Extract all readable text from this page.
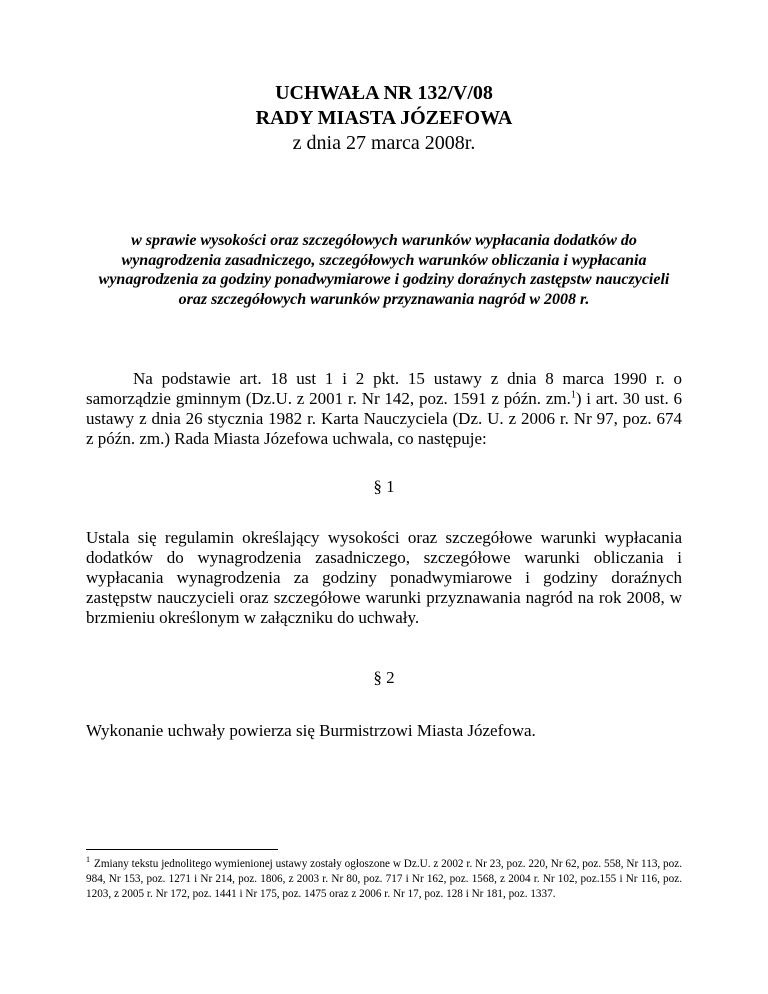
UCHWAŁA NR 132/V/08
RADY MIASTA JÓZEFOWA
z dnia 27 marca 2008r.
w sprawie wysokości oraz szczegółowych warunków wypłacania dodatków do wynagrodzenia zasadniczego, szczegółowych warunków obliczania i wypłacania wynagrodzenia za godziny ponadwymiarowe i godziny doraźnych zastępstw nauczycieli oraz szczegółowych warunków przyznawania nagród w 2008 r.
Na podstawie art. 18 ust 1 i 2 pkt. 15 ustawy z dnia 8 marca 1990 r. o samorządzie gminnym (Dz.U. z 2001 r. Nr 142, poz. 1591 z późn. zm.$^1$) i art. 30 ust. 6 ustawy z dnia 26 stycznia 1982 r. Karta Nauczyciela (Dz. U. z 2006 r. Nr 97, poz. 674 z późn. zm.) Rada Miasta Józefowa uchwala, co następuje:
§ 1
Ustala się regulamin określający wysokości oraz szczegółowe warunki wypłacania dodatków do wynagrodzenia zasadniczego, szczegółowe warunki obliczania i wypłacania wynagrodzenia za godziny ponadwymiarowe i godziny doraźnych zastępstw nauczycieli oraz szczegółowe warunki przyznawania nagród na rok 2008, w brzmieniu określonym w załączniku do uchwały.
§ 2
Wykonanie uchwały powierza się Burmistrzowi Miasta Józefowa.
$^1$ Zmiany tekstu jednolitego wymienionej ustawy zostały ogłoszone w Dz.U. z 2002 r. Nr 23, poz. 220, Nr 62, poz. 558, Nr 113, poz. 984, Nr 153, poz. 1271 i Nr 214, poz. 1806, z 2003 r. Nr 80, poz. 717 i Nr 162, poz. 1568, z 2004 r. Nr 102, poz.155 i Nr 116, poz. 1203, z 2005 r. Nr 172, poz. 1441 i Nr 175, poz. 1475 oraz z 2006 r. Nr 17, poz. 128 i Nr 181, poz. 1337.
